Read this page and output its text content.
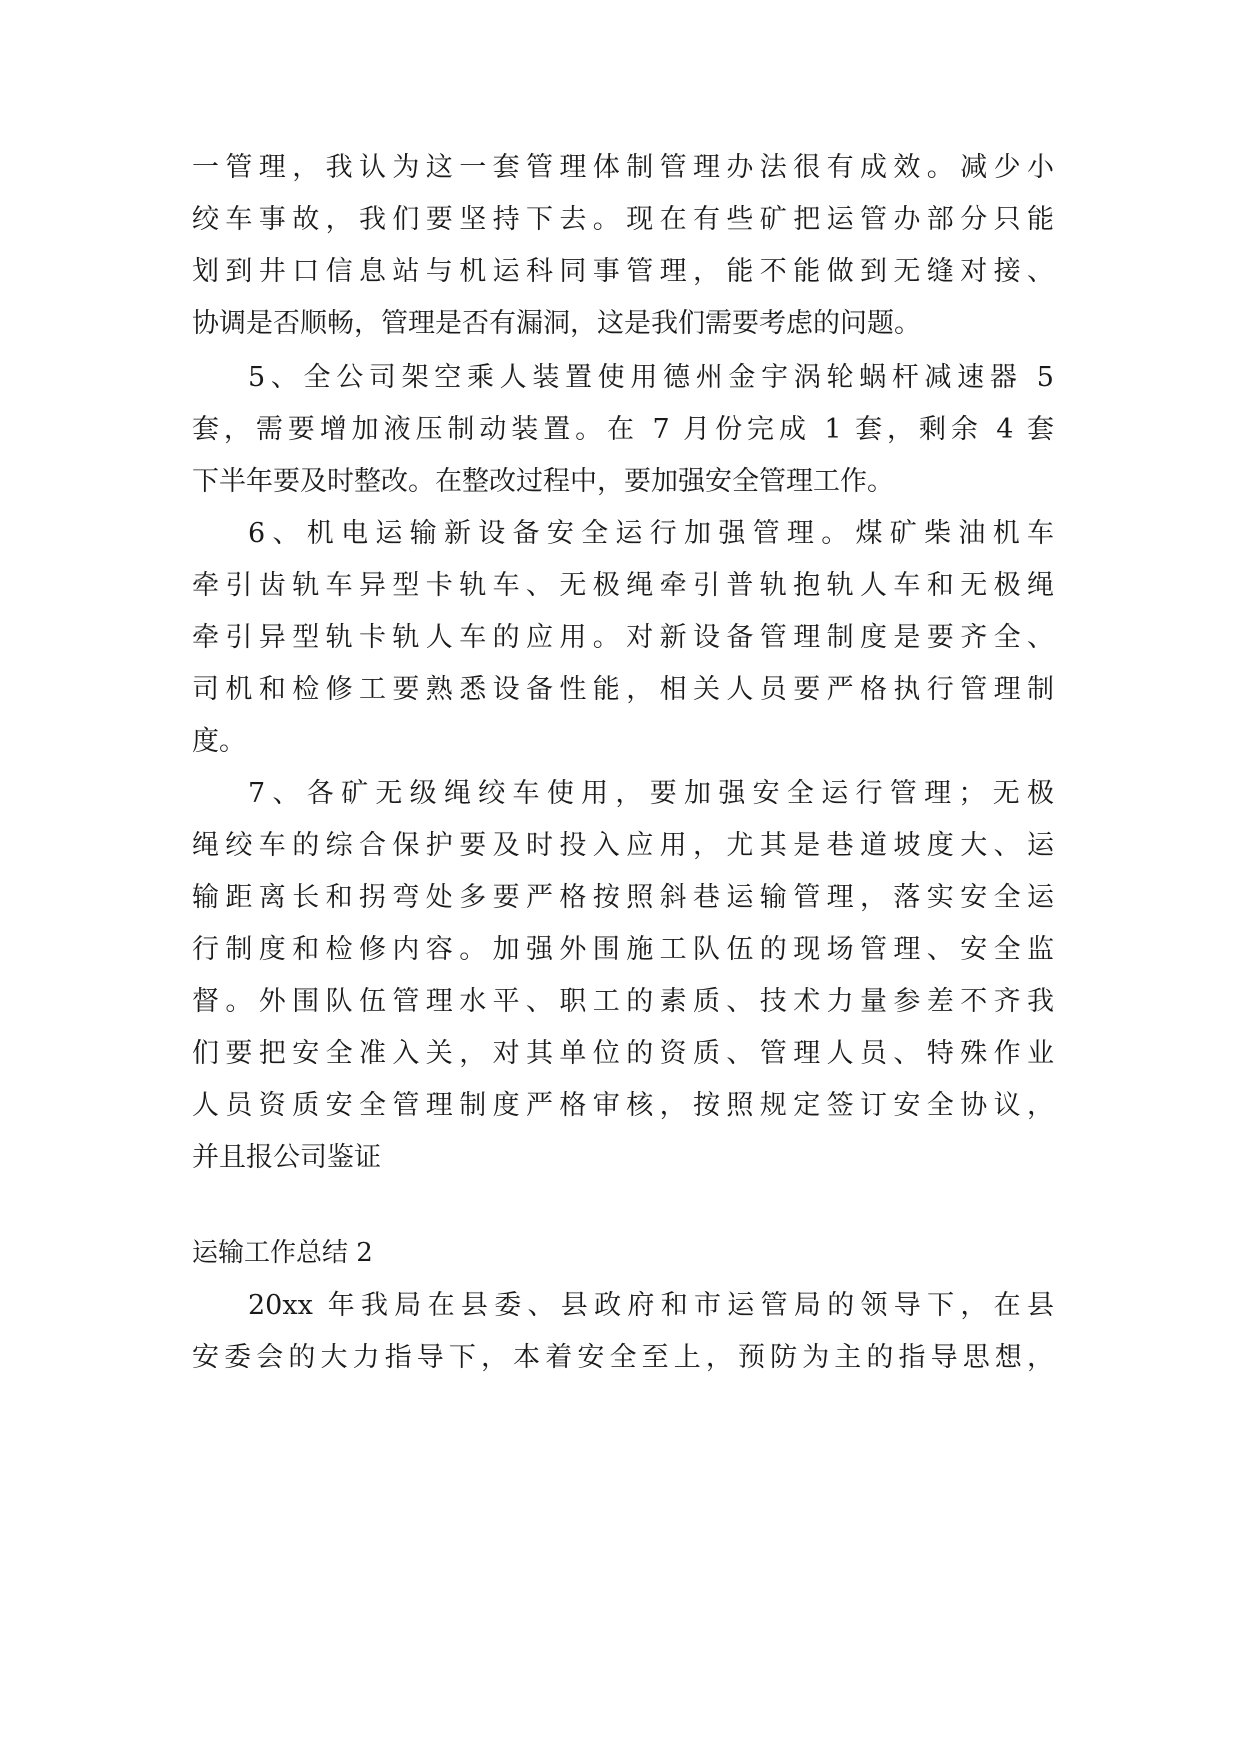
一管理，我认为这一套管理体制管理办法很有成效。减少小

绞车事故，我们要坚持下去。现在有些矿把运管办部分只能

划到井口信息站与机运科同事管理，能不能做到无缝对接、

协调是否顺畅，管理是否有漏洞，这是我们需要考虑的问题。

5、全公司架空乘人装置使用德州金宇涡轮蜗杆减速器 5

套，需要增加液压制动装置。在 7 月份完成 1 套，剩余 4 套

下半年要及时整改。在整改过程中，要加强安全管理工作。

6、机电运输新设备安全运行加强管理。煤矿柴油机车

牵引齿轨车异型卡轨车、无极绳牵引普轨抱轨人车和无极绳

牵引异型轨卡轨人车的应用。对新设备管理制度是要齐全、

司机和检修工要熟悉设备性能，相关人员要严格执行管理制

度。

7、各矿无级绳绞车使用，要加强安全运行管理；无极

绳绞车的综合保护要及时投入应用，尤其是巷道坡度大、运

输距离长和拐弯处多要严格按照斜巷运输管理，落实安全运

行制度和检修内容。加强外围施工队伍的现场管理、安全监

督。外围队伍管理水平、职工的素质、技术力量参差不齐我

们要把安全准入关，对其单位的资质、管理人员、特殊作业

人员资质安全管理制度严格审核，按照规定签订安全协议，

并且报公司鉴证

运输工作总结 2

20xx 年我局在县委、县政府和市运管局的领导下，在县

安委会的大力指导下，本着安全至上，预防为主的指导思想，
